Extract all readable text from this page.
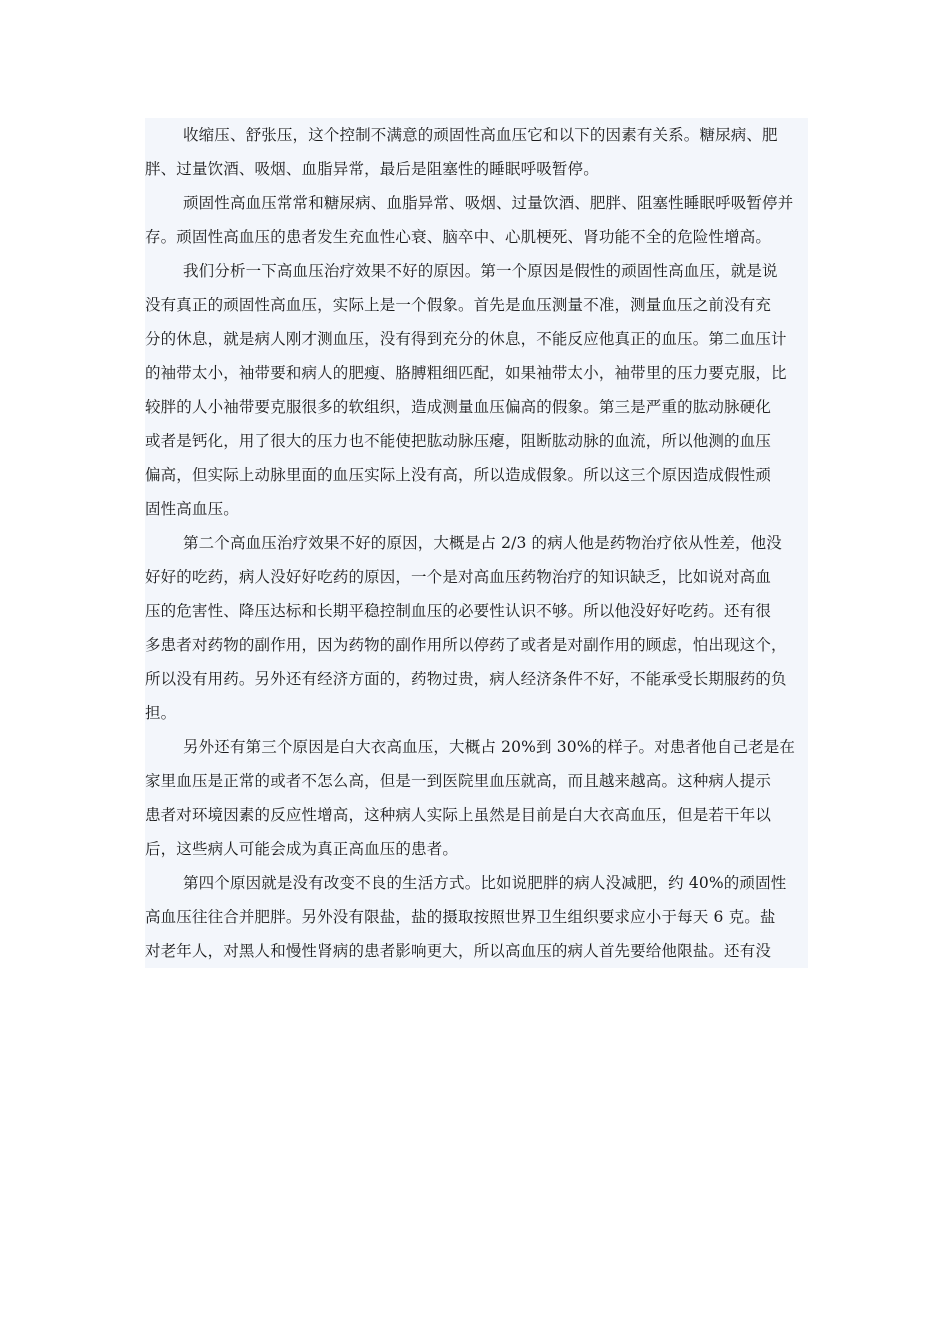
收缩压、舒张压，这个控制不满意的顽固性高血压它和以下的因素有关系。糖尿病、肥
胖、过量饮酒、吸烟、血脂异常，最后是阻塞性的睡眠呼吸暂停。
顽固性高血压常常和糖尿病、血脂异常、吸烟、过量饮酒、肥胖、阻塞性睡眠呼吸暂停并
存。顽固性高血压的患者发生充血性心衰、脑卒中、心肌梗死、肾功能不全的危险性增高。
我们分析一下高血压治疗效果不好的原因。第一个原因是假性的顽固性高血压，就是说
没有真正的顽固性高血压，实际上是一个假象。首先是血压测量不准，测量血压之前没有充
分的休息，就是病人刚才测血压，没有得到充分的休息，不能反应他真正的血压。第二血压计
的袖带太小，袖带要和病人的肥瘦、胳膊粗细匹配，如果袖带太小，袖带里的压力要克服，比
较胖的人小袖带要克服很多的软组织，造成测量血压偏高的假象。第三是严重的肱动脉硬化
或者是钙化，用了很大的压力也不能使把肱动脉压瘪，阻断肱动脉的血流，所以他测的血压
偏高，但实际上动脉里面的血压实际上没有高，所以造成假象。所以这三个原因造成假性顽
固性高血压。
第二个高血压治疗效果不好的原因，大概是占 2/3 的病人他是药物治疗依从性差，他没
好好的吃药，病人没好好吃药的原因，一个是对高血压药物治疗的知识缺乏，比如说对高血
压的危害性、降压达标和长期平稳控制血压的必要性认识不够。所以他没好好吃药。还有很
多患者对药物的副作用，因为药物的副作用所以停药了或者是对副作用的顾虑，怕出现这个，
所以没有用药。另外还有经济方面的，药物过贵，病人经济条件不好，不能承受长期服药的负
担。
另外还有第三个原因是白大衣高血压，大概占 20%到 30%的样子。对患者他自己老是在
家里血压是正常的或者不怎么高，但是一到医院里血压就高，而且越来越高。这种病人提示
患者对环境因素的反应性增高，这种病人实际上虽然是目前是白大衣高血压，但是若干年以
后，这些病人可能会成为真正高血压的患者。
第四个原因就是没有改变不良的生活方式。比如说肥胖的病人没减肥，约 40%的顽固性
高血压往往合并肥胖。另外没有限盐，盐的摄取按照世界卫生组织要求应小于每天 6 克。盐
对老年人，对黑人和慢性肾病的患者影响更大，所以高血压的病人首先要给他限盐。还有没
